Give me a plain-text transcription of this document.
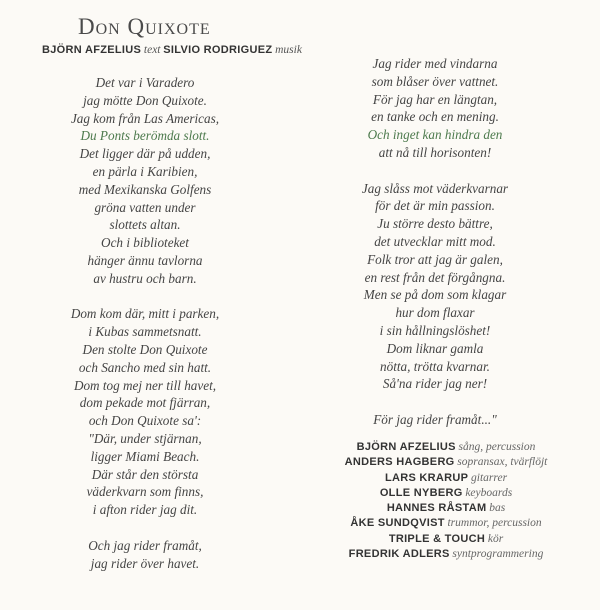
Don Quixote
BJÖRN AFZELIUS text SILVIO RODRIGUEZ musik
Det var i Varadero
jag mötte Don Quixote.
Jag kom från Las Americas,
Du Ponts berömda slott.
Det ligger där på udden,
en pärla i Karibien,
med Mexikanska Golfens
gröna vatten under
slottets altan.
Och i biblioteket
hänger ännu tavlorna
av hustru och barn.
Dom kom där, mitt i parken,
i Kubas sammetsnatt.
Den stolte Don Quixote
och Sancho med sin hatt.
Dom tog mej ner till havet,
dom pekade mot fjärran,
och Don Quixote sa':
"Där, under stjärnan,
ligger Miami Beach.
Där står den största
väderkvarn som finns,
i afton rider jag dit.
Och jag rider framåt,
jag rider över havet.
Jag rider med vindarna
som blåser över vattnet.
För jag har en längtan,
en tanke och en mening.
Och inget kan hindra den
att nå till horisonten!
Jag slåss mot väderkvarnar
för det är min passion.
Ju större desto bättre,
det utvecklar mitt mod.
Folk tror att jag är galen,
en rest från det förgångna.
Men se på dom som klagar
hur dom flaxar
i sin hållningslöshet!
Dom liknar gamla
nötta, trötta kvarnar.
Så'na rider jag ner!
För jag rider framåt..."
BJÖRN AFZELIUS sång, percussion
ANDERS HAGBERG sopransax, tvärflöjt
LARS KRARUP gitarrer
OLLE NYBERG keyboards
HANNES RÅSTAM bas
ÅKE SUNDQVIST trummor, percussion
TRIPLE & TOUCH kör
FREDRIK ADLERS syntprogrammering
